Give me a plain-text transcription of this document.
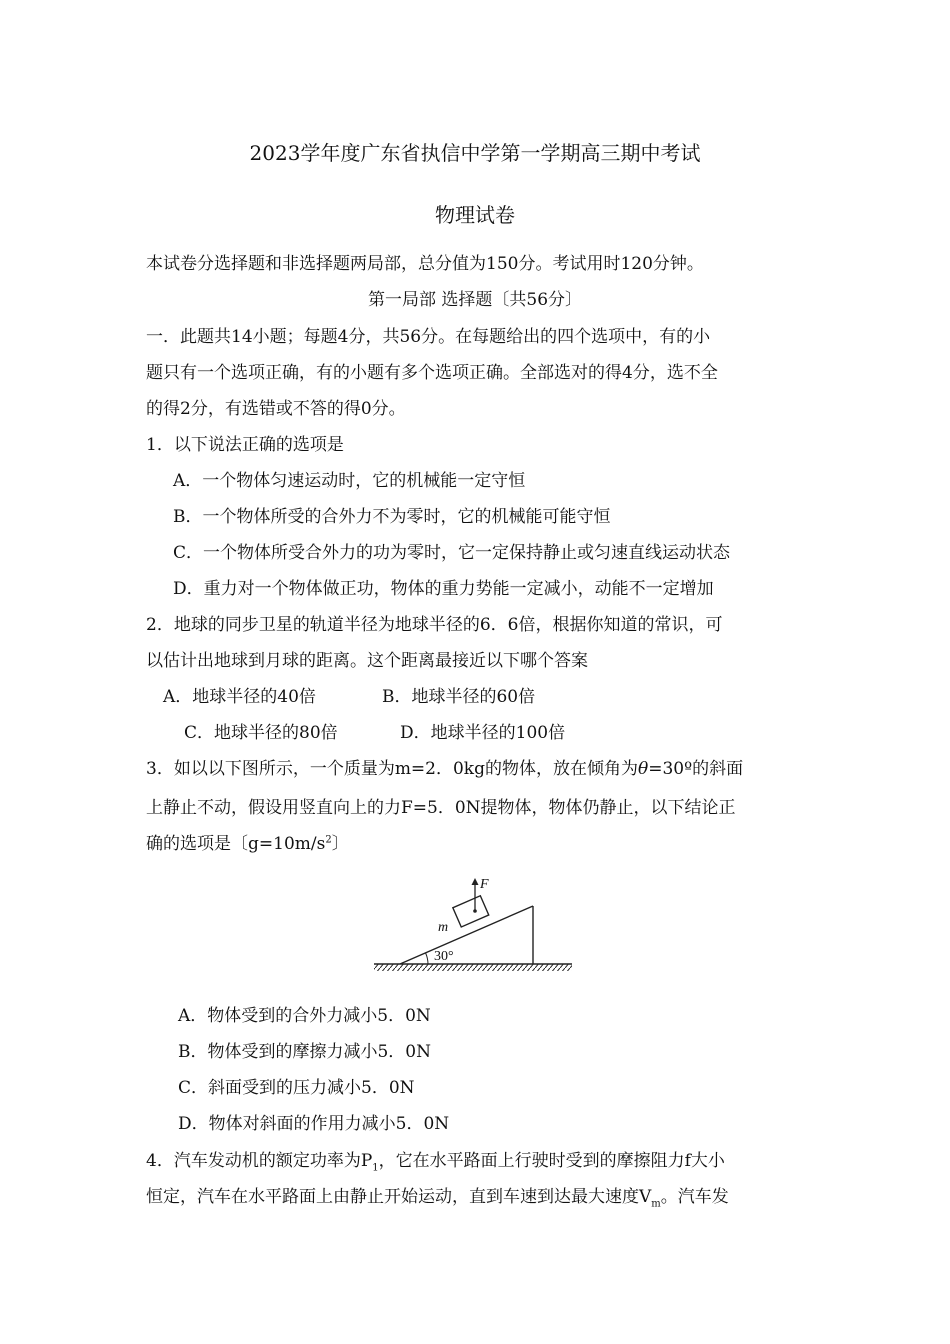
2023学年度广东省执信中学第一学期高三期中考试
物理试卷
本试卷分选择题和非选择题两局部，总分值为150分。考试用时120分钟。
第一局部 选择题〔共56分〕
一．此题共14小题；每题4分，共56分。在每题给出的四个选项中，有的小
题只有一个选项正确，有的小题有多个选项正确。全部选对的得4分，选不全
的得2分，有选错或不答的得0分。
1．以下说法正确的选项是
A．一个物体匀速运动时，它的机械能一定守恒
B．一个物体所受的合外力不为零时，它的机械能可能守恒
C．一个物体所受合外力的功为零时，它一定保持静止或匀速直线运动状态
D．重力对一个物体做正功，物体的重力势能一定减小，动能不一定增加
2．地球的同步卫星的轨道半径为地球半径的6．6倍，根据你知道的常识，可
以估计出地球到月球的距离。这个距离最接近以下哪个答案
A．地球半径的40倍	B．地球半径的60倍
C．地球半径的80倍	D．地球半径的100倍
3．如以以下图所示，一个质量为m=2．0kg的物体，放在倾角为θ=30º的斜面
上静止不动，假设用竖直向上的力F=5．0N提物体，物体仍静止，以下结论正
确的选项是〔$g=10m/s^2$〕
30°
F
m
A．物体受到的合外力减小5．0N
B．物体受到的摩擦力减小5．0N
C．斜面受到的压力减小5．0N
D．物体对斜面的作用力减小5．0N
4．汽车发动机的额定功率为$P_1$，它在水平路面上行驶时受到的摩擦阻力f大小
恒定，汽车在水平路面上由静止开始运动，直到车速到达最大速度$V_m$。汽车发
